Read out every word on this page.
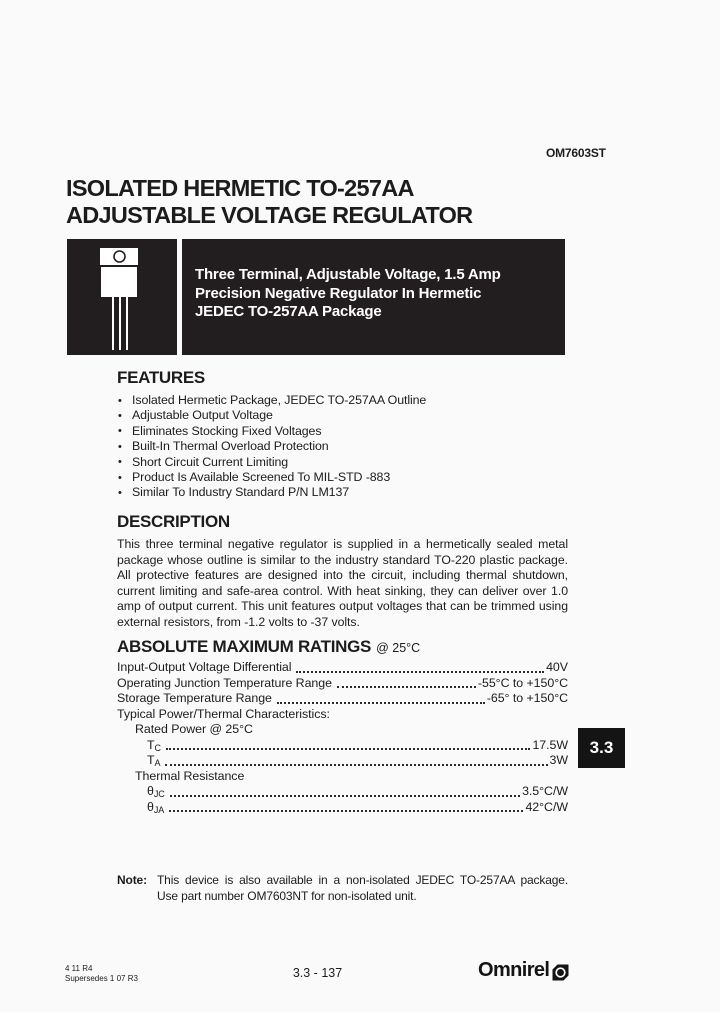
OM7603ST
ISOLATED HERMETIC TO-257AA
ADJUSTABLE VOLTAGE REGULATOR
Three Terminal, Adjustable Voltage, 1.5 Amp
Precision Negative Regulator In Hermetic
JEDEC TO-257AA Package
FEATURES
• Isolated Hermetic Package, JEDEC TO-257AA Outline
• Adjustable Output Voltage
• Eliminates Stocking Fixed Voltages
• Built-In Thermal Overload Protection
• Short Circuit Current Limiting
• Product Is Available Screened To MIL-STD -883
• Similar To Industry Standard P/N LM137
DESCRIPTION

This three terminal negative regulator is supplied in a hermetically sealed metal package whose outline is similar to the industry standard TO-220 plastic package. All protective features are designed into the circuit, including thermal shutdown, current limiting and safe-area control. With heat sinking, they can deliver over 1.0 amp of output current. This unit features output voltages that can be trimmed using external resistors, from -1.2 volts to -37 volts.

ABSOLUTE MAXIMUM RATINGS @ 25°C
Input-Output Voltage Differential	40V
Operating Junction Temperature Range	-55°C to +150°C
Storage Temperature Range	-65° to +150°C
Typical Power/Thermal Characteristics:
Rated Power @ 25°C
$T_C$	17.5W
$T_A$	3W
Thermal Resistance
$\theta_{JC}$	3.5°C/W
$\theta_{JA}$	42°C/W
3.3
Note: This device is also available in a non-isolated JEDEC TO-257AA package.
Use part number OM7603NT for non-isolated unit.
4 11 R4
Supersedes 1 07 R3	3.3 - 137	Omnirel
